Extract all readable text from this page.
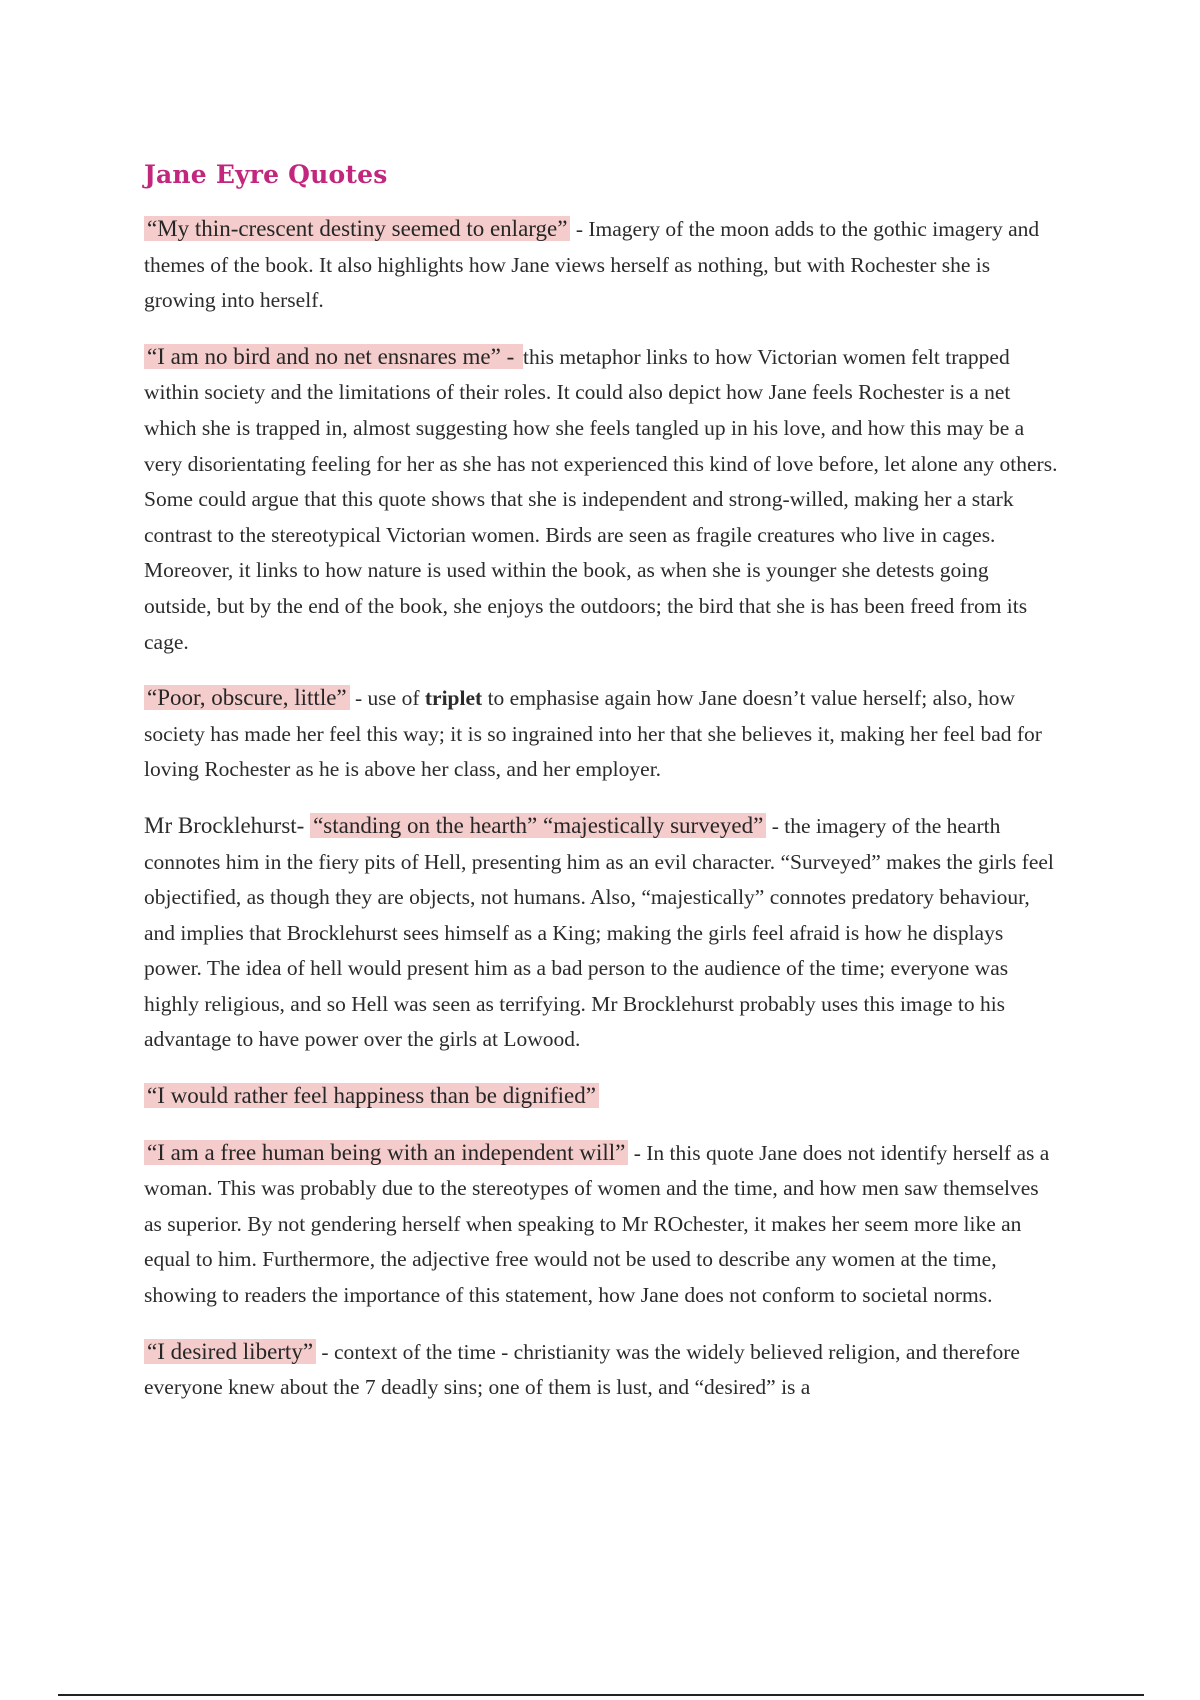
Jane Eyre Quotes

“My thin-crescent destiny seemed to enlarge” - Imagery of the moon adds to the gothic imagery and themes of the book. It also highlights how Jane views herself as nothing, but with Rochester she is growing into herself.

“I am no bird and no net ensnares me” - this metaphor links to how Victorian women felt trapped within society and the limitations of their roles. It could also depict how Jane feels Rochester is a net which she is trapped in, almost suggesting how she feels tangled up in his love, and how this may be a very disorientating feeling for her as she has not experienced this kind of love before, let alone any others. Some could argue that this quote shows that she is independent and strong-willed, making her a stark contrast to the stereotypical Victorian women. Birds are seen as fragile creatures who live in cages. Moreover, it links to how nature is used within the book, as when she is younger she detests going outside, but by the end of the book, she enjoys the outdoors; the bird that she is has been freed from its cage.

“Poor, obscure, little” - use of triplet to emphasise again how Jane doesn’t value herself; also, how society has made her feel this way; it is so ingrained into her that she believes it, making her feel bad for loving Rochester as he is above her class, and her employer.

Mr Brocklehurst- “standing on the hearth” “majestically surveyed” - the imagery of the hearth connotes him in the fiery pits of Hell, presenting him as an evil character. “Surveyed” makes the girls feel objectified, as though they are objects, not humans. Also, “majestically” connotes predatory behaviour, and implies that Brocklehurst sees himself as a King; making the girls feel afraid is how he displays power. The idea of hell would present him as a bad person to the audience of the time; everyone was highly religious, and so Hell was seen as terrifying. Mr Brocklehurst probably uses this image to his advantage to have power over the girls at Lowood.

“I would rather feel happiness than be dignified”

“I am a free human being with an independent will” - In this quote Jane does not identify herself as a woman. This was probably due to the stereotypes of women and the time, and how men saw themselves as superior. By not gendering herself when speaking to Mr ROchester, it makes her seem more like an equal to him. Furthermore, the adjective free would not be used to describe any women at the time, showing to readers the importance of this statement, how Jane does not conform to societal norms.

“I desired liberty” - context of the time - christianity was the widely believed religion, and therefore everyone knew about the 7 deadly sins; one of them is lust, and “desired” is a
